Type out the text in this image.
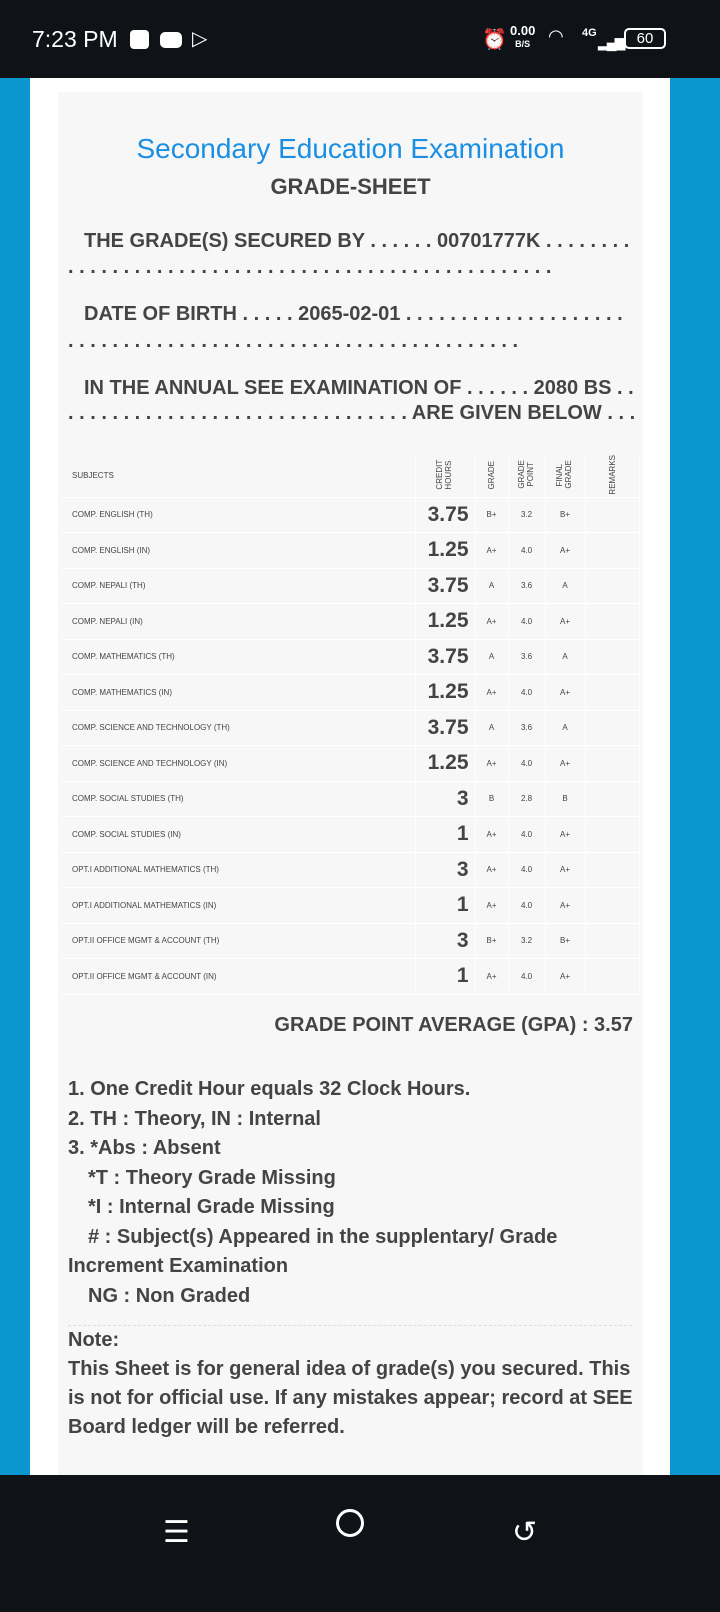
7:23 PM	▷	⏰ 0.00
B/S ◠ 4G
▂▄▆ 60
Secondary Education Examination
GRADE-SHEET
THE GRADE(S) SECURED BY . . . . . . 00701777K . . . . . . . .
. . . . . . . . . . . . . . . . . . . . . . . . . . . . . . . . . . . . . . . . . . . .
DATE OF BIRTH . . . . . 2065-02-01 . . . . . . . . . . . . . . . . . . . .
. . . . . . . . . . . . . . . . . . . . . . . . . . . . . . . . . . . . . . . . .
IN THE ANNUAL SEE EXAMINATION OF . . . . . . 2080 BS . .
. . . . . . . . . . . . . . . . . . . . . . . . . . . . . . . ARE GIVEN BELOW . . .
SUBJECTS	CREDIT HOURS	GRADE	GRADE POINT	FINAL GRADE	REMARKS
COMP. ENGLISH (TH)	3.75	B+	3.2	B+	
COMP. ENGLISH (IN)	1.25	A+	4.0	A+	
COMP. NEPALI (TH)	3.75	A	3.6	A	
COMP. NEPALI (IN)	1.25	A+	4.0	A+	
COMP. MATHEMATICS (TH)	3.75	A	3.6	A	
COMP. MATHEMATICS (IN)	1.25	A+	4.0	A+	
COMP. SCIENCE AND TECHNOLOGY (TH)	3.75	A	3.6	A	
COMP. SCIENCE AND TECHNOLOGY (IN)	1.25	A+	4.0	A+	
COMP. SOCIAL STUDIES (TH)	3	B	2.8	B	
COMP. SOCIAL STUDIES (IN)	1	A+	4.0	A+	
OPT.I ADDITIONAL MATHEMATICS (TH)	3	A+	4.0	A+	
OPT.I ADDITIONAL MATHEMATICS (IN)	1	A+	4.0	A+	
OPT.II OFFICE MGMT & ACCOUNT (TH)	3	B+	3.2	B+	
OPT.II OFFICE MGMT & ACCOUNT (IN)	1	A+	4.0	A+	
GRADE POINT AVERAGE (GPA) : 3.57
1. One Credit Hour equals 32 Clock Hours.
2. TH : Theory, IN : Internal
3. *Abs : Absent
*T : Theory Grade Missing
*I : Internal Grade Missing
# : Subject(s) Appeared in the supplentary/ Grade
Increment Examination
NG : Non Graded
Note:
This Sheet is for general idea of grade(s) you secured. This is not for official use. If any mistakes appear; record at SEE Board ledger will be referred.
☰	↺
